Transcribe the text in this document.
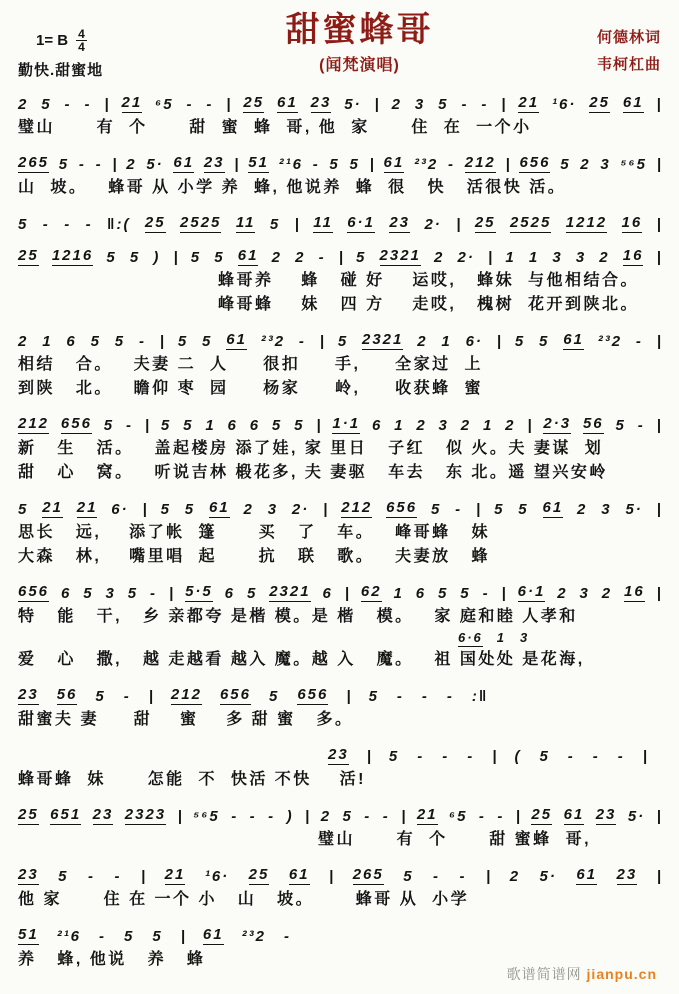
1= B 4
4
勤快.甜蜜地
甜蜜蜂哥
(闻梵演唱)
何德林词
韦柯杠曲
2 5 - - | 21 ⁶5 - - | 25 61 23 5· | 2 3 5 - - | 21 ¹6· 25 61 |
璧山      有  个      甜  蜜  蜂  哥, 他  家      住  在  一个小
265 5 - - | 2 5· 61 23 | 51 ²¹6 - 5 5 | 61 ²³2 - 212 | 656 5 2 3 ⁵⁶5 |
山  坡。   蜂哥 从 小学 养  蜂, 他说养  蜂  很   快   活很快 活。
5 - - - ‖:( 25 2525 11 5 | 11 6·1 23 2· | 25 2525 1212 16 |
25 1216 5 5 ) | 5 5 61 2 2 - | 5 2321 2 2· | 1 1 3 3 2 16 |
蜂哥养    蜂   碰 好    运哎,   蜂妹  与他相结合。
峰哥蜂    妹   四 方    走哎,   槐树  花开到陕北。
2 1 6 5 5 - | 5 5 61 ²³2 - | 5 2321 2 1 6· | 5 5 61 ²³2 - |
相结   合。   夫妻 二  人     很扣     手,     全家过  上
到陕   北。   瞻仰 枣  园     杨家     岭,     收获蜂  蜜
212 656 5 - | 5 5 1 6 6 5 5 | 1·1 6 1 2 3 2 1 2 | 2·3 56 5 - |
新   生   活。   盖起楼房 添了娃, 家 里日   子红   似 火。夫 妻谋  划
甜   心   窝。   听说吉林 椴花多, 夫 妻驱   车去   东 北。遥 望兴安岭
5 21 21 6· | 5 5 61 2 3 2· | 212 656 5 - | 5 5 61 2 3 5· |
思长   远,    添了帐  篷      买   了   车。   峰哥蜂   妹
大森   林,    嘴里唱  起      抗   联   歌。   夫妻放   蜂
656 6 5 3 5 - | 5·5 6 5 2321 6 | 62 1 6 5 5 - | 6·1 2 3 2 16 |
特   能   干,   乡 亲都夸 是楷 模。是 楷   模。   家 庭和睦 人孝和
6·6 1 3
爱   心   撒,   越 走越看 越入 魔。越 入   魔。   祖 国处处 是花海,
23 56 5 - | 212 656 5 656 | 5 - - - :‖
甜蜜夫 妻     甜    蜜    多 甜 蜜   多。
23 | 5 - - - | ( 5 - - - |
蜂哥蜂  妹      怎能  不  快活 不快    活!
25 651 23 2323 | ⁵⁶5 - - - ) | 2 5 - - | 21 ⁶5 - - | 25 61 23 5· |
璧山      有  个      甜 蜜蜂  哥,
23 5 - - | 21 ¹6· 25 61 | 265 5 - - | 2 5· 61 23 |
他 家      住 在 一个 小   山   坡。      蜂哥 从  小学
51 ²¹6 - 5 5 | 61 ²³2 -
养   蜂, 他说   养   蜂
歌谱简谱网 jianpu.cn
